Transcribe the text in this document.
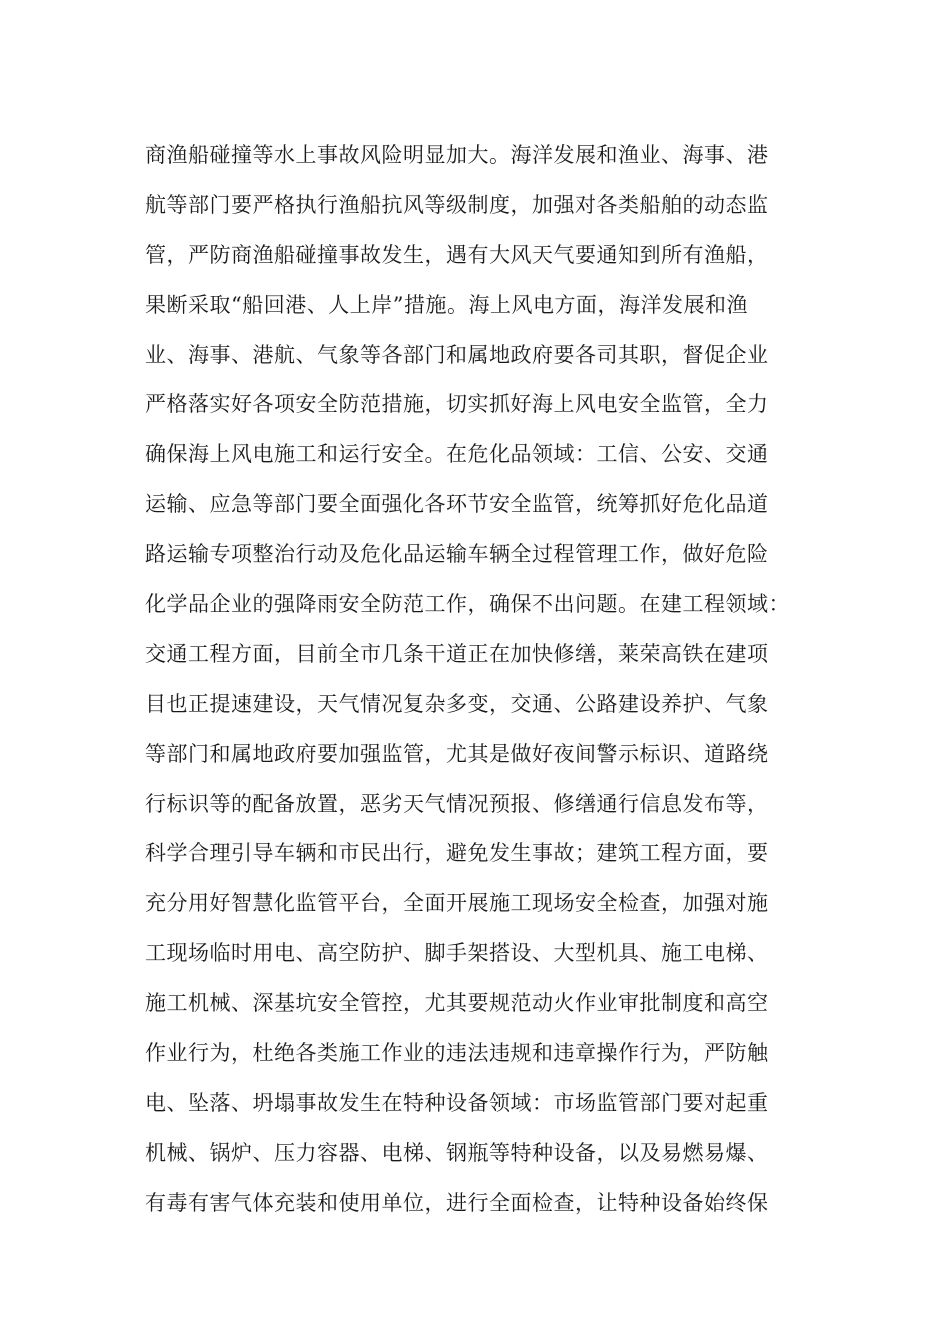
商渔船碰撞等水上事故风险明显加大。海洋发展和渔业、海事、港
航等部门要严格执行渔船抗风等级制度，加强对各类船舶的动态监
管，严防商渔船碰撞事故发生，遇有大风天气要通知到所有渔船，
果断采取“船回港、人上岸”措施。海上风电方面，海洋发展和渔
业、海事、港航、气象等各部门和属地政府要各司其职，督促企业
严格落实好各项安全防范措施，切实抓好海上风电安全监管，全力
确保海上风电施工和运行安全。在危化品领域：工信、公安、交通
运输、应急等部门要全面强化各环节安全监管，统筹抓好危化品道
路运输专项整治行动及危化品运输车辆全过程管理工作，做好危险
化学品企业的强降雨安全防范工作，确保不出问题。在建工程领域：
交通工程方面，目前全市几条干道正在加快修缮，莱荣高铁在建项
目也正提速建设，天气情况复杂多变，交通、公路建设养护、气象
等部门和属地政府要加强监管，尤其是做好夜间警示标识、道路绕
行标识等的配备放置，恶劣天气情况预报、修缮通行信息发布等，
科学合理引导车辆和市民出行，避免发生事故；建筑工程方面，要
充分用好智慧化监管平台，全面开展施工现场安全检查，加强对施
工现场临时用电、高空防护、脚手架搭设、大型机具、施工电梯、
施工机械、深基坑安全管控，尤其要规范动火作业审批制度和高空
作业行为，杜绝各类施工作业的违法违规和违章操作行为，严防触
电、坠落、坍塌事故发生在特种设备领域：市场监管部门要对起重
机械、锅炉、压力容器、电梯、钢瓶等特种设备，以及易燃易爆、
有毒有害气体充装和使用单位，进行全面检查，让特种设备始终保
